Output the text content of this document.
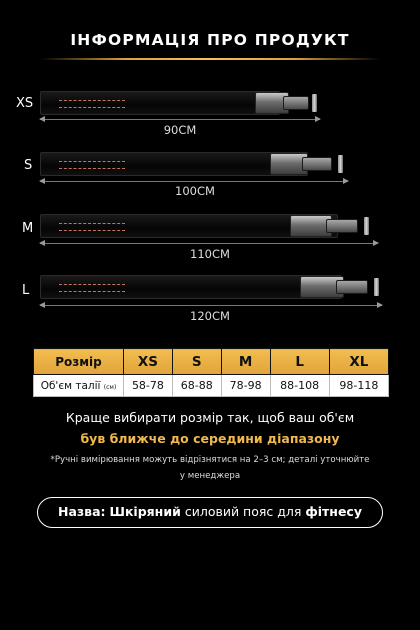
ІНФОРМАЦІЯ ПРО ПРОДУКТ
XS
90CM
S
100CM
M
110CM
L
120CM
Розмір	XS	S	M	L	XL
Об'єм талії (см)	58-78	68-88	78-98	88-108	98-118
Краще вибирати розмір так, щоб ваш об'єм
був ближче до середини діапазону
*Ручні вимірювання можуть відрізнятися на 2–3 см; деталі уточнюйте
у менеджера
Назва: Шкіряний силовий пояс для фітнесу
